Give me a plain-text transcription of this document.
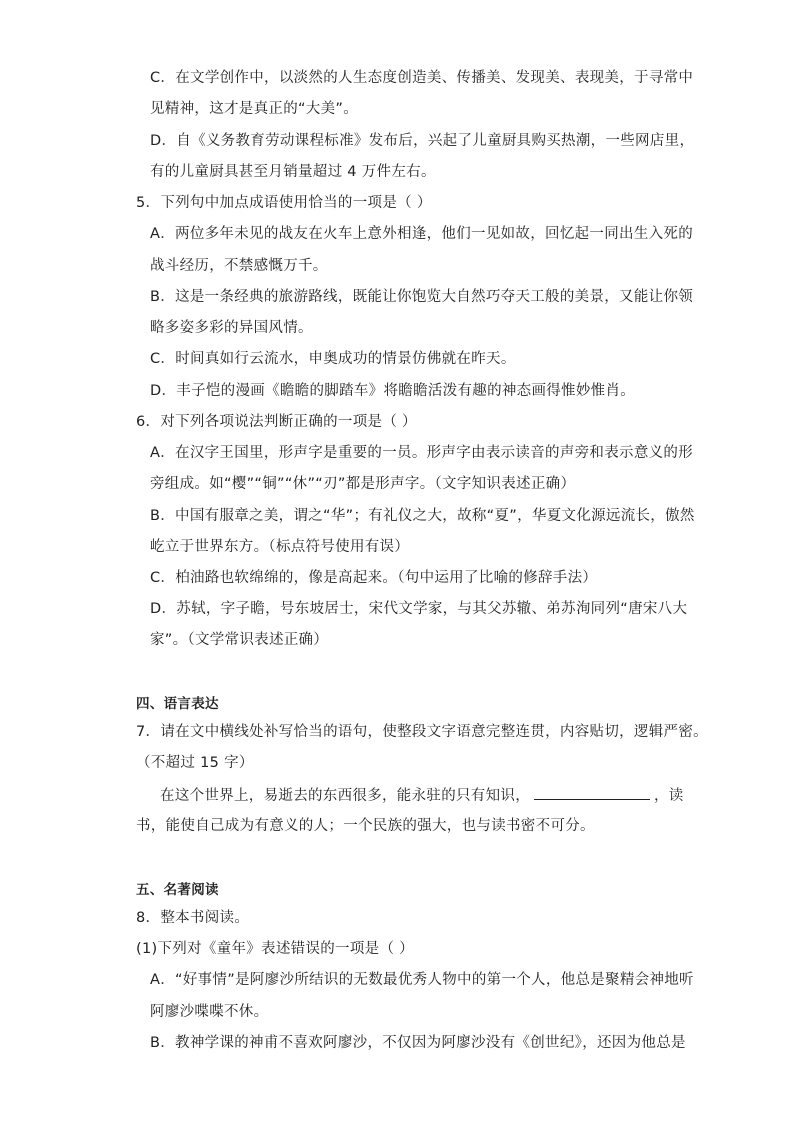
C．在文学创作中，以淡然的人生态度创造美、传播美、发现美、表现美，于寻常中
见精神，这才是真正的“大美”。
D．自《义务教育劳动课程标准》发布后，兴起了儿童厨具购买热潮，一些网店里，
有的儿童厨具甚至月销量超过 4 万件左右。
5．下列句中加点成语使用恰当的一项是（ ）
A．两位多年未见的战友在火车上意外相逢，他们一见如故，回忆起一同出生入死的
战斗经历，不禁感慨万千。
B．这是一条经典的旅游路线，既能让你饱览大自然巧夺天工般的美景，又能让你领
略多姿多彩的异国风情。
C．时间真如行云流水，申奥成功的情景仿佛就在昨天。
D．丰子恺的漫画《瞻瞻的脚踏车》将瞻瞻活泼有趣的神态画得惟妙惟肖。
6．对下列各项说法判断正确的一项是（ ）
A．在汉字王国里，形声字是重要的一员。形声字由表示读音的声旁和表示意义的形
旁组成。如“樱”“铜”“休”“刃”都是形声字。（文字知识表述正确）
B．中国有服章之美，谓之“华”；有礼仪之大，故称“夏”，华夏文化源远流长，傲然
屹立于世界东方。（标点符号使用有误）
C．柏油路也软绵绵的，像是高起来。（句中运用了比喻的修辞手法）
D．苏轼，字子瞻，号东坡居士，宋代文学家，与其父苏辙、弟苏洵同列“唐宋八大
家”。（文学常识表述正确）
四、语言表达
7．请在文中横线处补写恰当的语句，使整段文字语意完整连贯，内容贴切，逻辑严密。
（不超过 15 字）
在这个世界上，易逝去的东西很多，能永驻的只有知识，	，读
书，能使自己成为有意义的人；一个民族的强大，也与读书密不可分。
五、名著阅读
8．整本书阅读。
(1)下列对《童年》表述错误的一项是（ ）
A．“好事情”是阿廖沙所结识的无数最优秀人物中的第一个人，他总是聚精会神地听
阿廖沙喋喋不休。
B．教神学课的神甫不喜欢阿廖沙，不仅因为阿廖沙没有《创世纪》，还因为他总是
